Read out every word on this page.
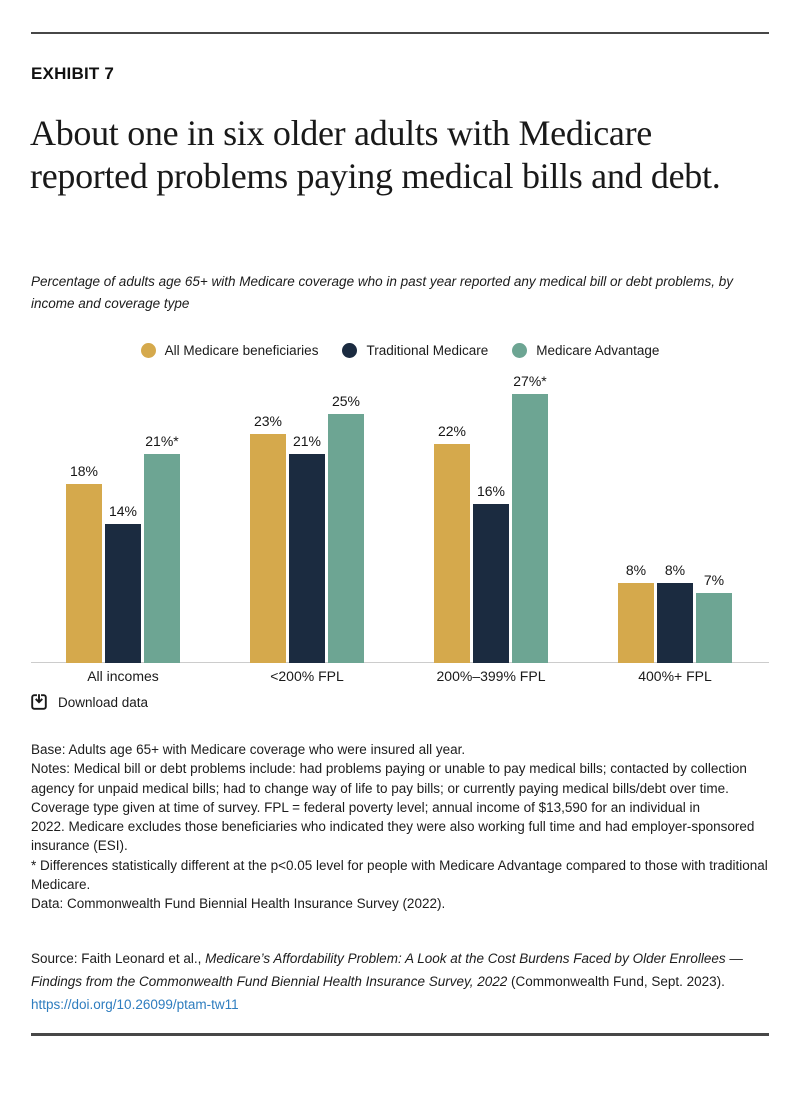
EXHIBIT 7
About one in six older adults with Medicare reported problems paying medical bills and debt.

Percentage of adults age 65+ with Medicare coverage who in past year reported any medical bill or debt problems, by income and coverage type

All Medicare beneficiaries	Traditional Medicare	Medicare Advantage
18%
14%
21%*
All incomes
23%
21%
25%
<200% FPL
22%
16%
27%*
200%–399% FPL
8%	8%
7%
400%+ FPL
Download data
Base: Adults age 65+ with Medicare coverage who were insured all year.
Notes: Medical bill or debt problems include: had problems paying or unable to pay medical bills; contacted by collection
agency for unpaid medical bills; had to change way of life to pay bills; or currently paying medical bills/debt over time.
Coverage type given at time of survey. FPL = federal poverty level; annual income of $13,590 for an individual in
2022. Medicare excludes those beneficiaries who indicated they were also working full time and had employer-sponsored
insurance (ESI).
* Differences statistically different at the p<0.05 level for people with Medicare Advantage compared to those with traditional
Medicare.
Data: Commonwealth Fund Biennial Health Insurance Survey (2022).
Source: Faith Leonard et al., Medicare’s Affordability Problem: A Look at the Cost Burdens Faced by Older Enrollees —
Findings from the Commonwealth Fund Biennial Health Insurance Survey, 2022 (Commonwealth Fund, Sept. 2023).
https://doi.org/10.26099/ptam-tw11
